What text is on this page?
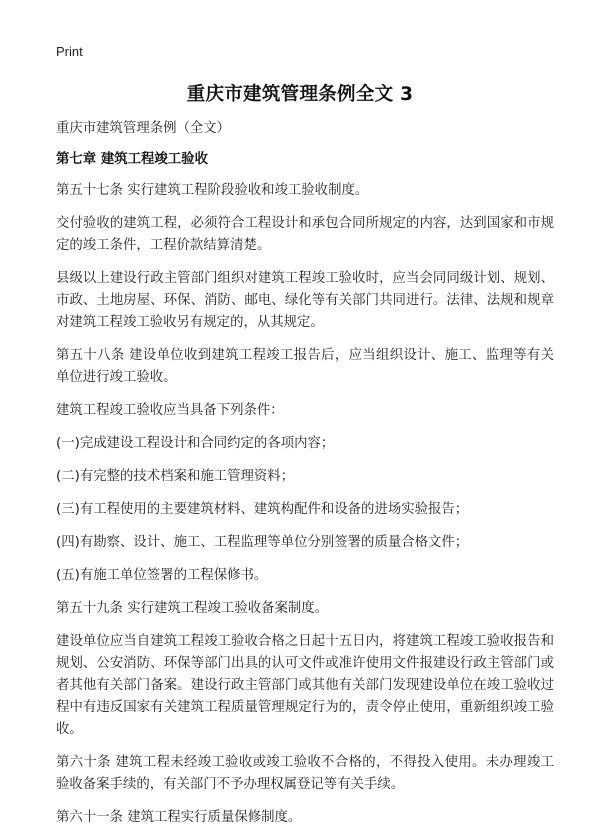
Print
重庆市建筑管理条例全文 3

重庆市建筑管理条例（全文）

第七章 建筑工程竣工验收

第五十七条 实行建筑工程阶段验收和竣工验收制度。

交付验收的建筑工程，必须符合工程设计和承包合同所规定的内容，达到国家和市规定的竣工条件，工程价款结算清楚。

县级以上建设行政主管部门组织对建筑工程竣工验收时，应当会同同级计划、规划、市政、土地房屋、环保、消防、邮电、绿化等有关部门共同进行。法律、法规和规章对建筑工程竣工验收另有规定的，从其规定。

第五十八条 建设单位收到建筑工程竣工报告后，应当组织设计、施工、监理等有关单位进行竣工验收。

建筑工程竣工验收应当具备下列条件：

(一)完成建设工程设计和合同约定的各项内容；

(二)有完整的技术档案和施工管理资料；

(三)有工程使用的主要建筑材料、建筑构配件和设备的进场实验报告；

(四)有勘察、设计、施工、工程监理等单位分别签署的质量合格文件；

(五)有施工单位签署的工程保修书。

第五十九条 实行建筑工程竣工验收备案制度。

建设单位应当自建筑工程竣工验收合格之日起十五日内，将建筑工程竣工验收报告和规划、公安消防、环保等部门出具的认可文件或准许使用文件报建设行政主管部门或者其他有关部门备案。建设行政主管部门或其他有关部门发现建设单位在竣工验收过程中有违反国家有关建筑工程质量管理规定行为的，责令停止使用，重新组织竣工验收。

第六十条 建筑工程未经竣工验收或竣工验收不合格的，不得投入使用。未办理竣工验收备案手续的，有关部门不予办理权属登记等有关手续。

第六十一条 建筑工程实行质量保修制度。
